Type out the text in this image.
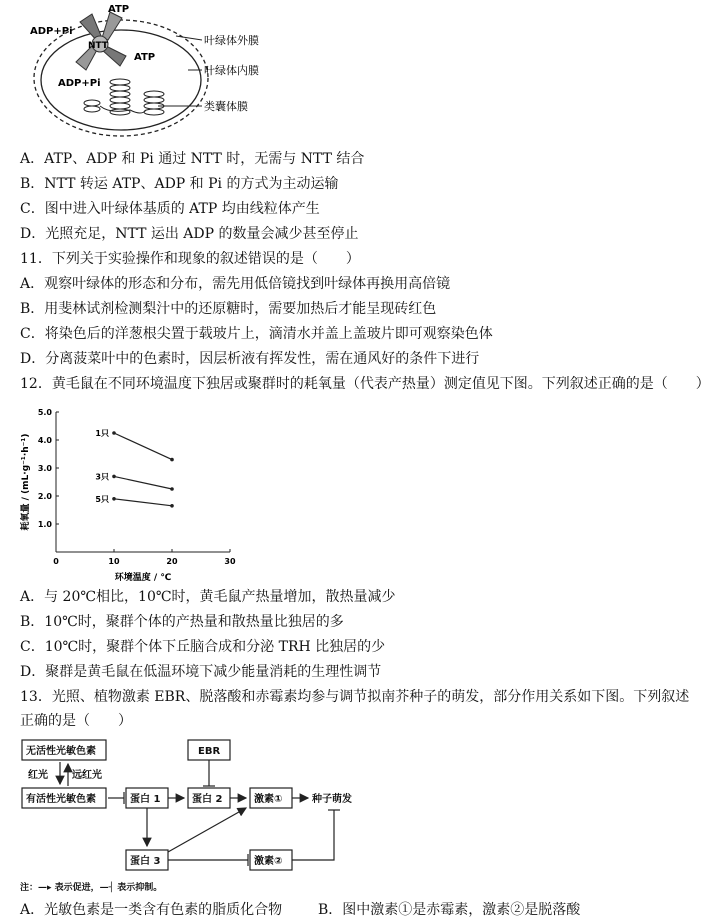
ATP
ADP+Pi
NTT
ATP
ADP+Pi
叶绿体外膜
叶绿体内膜
类囊体膜
A．ATP、ADP 和 Pi 通过 NTT 时，无需与 NTT 结合
B．NTT 转运 ATP、ADP 和 Pi 的方式为主动运输
C．图中进入叶绿体基质的 ATP 均由线粒体产生
D．光照充足，NTT 运出 ADP 的数量会减少甚至停止
11．下列关于实验操作和现象的叙述错误的是（　　）
A．观察叶绿体的形态和分布，需先用低倍镜找到叶绿体再换用高倍镜
B．用斐林试剂检测梨汁中的还原糖时，需要加热后才能呈现砖红色
C．将染色后的洋葱根尖置于载玻片上，滴清水并盖上盖玻片即可观察染色体
D．分离菠菜叶中的色素时，因层析液有挥发性，需在通风好的条件下进行
12．黄毛鼠在不同环境温度下独居或聚群时的耗氧量（代表产热量）测定值见下图。下列叙述正确的是（　　）
0	10	20	30
1.0
2.0
3.0
4.0
5.0
环境温度 / ℃
耗氧量 / (mL·g⁻¹·h⁻¹)
1只
3只
5只
A．与 20℃相比，10℃时，黄毛鼠产热量增加，散热量减少
B．10℃时，聚群个体的产热量和散热量比独居的多
C．10℃时，聚群个体下丘脑合成和分泌 TRH 比独居的少
D．聚群是黄毛鼠在低温环境下减少能量消耗的生理性调节
13．光照、植物激素 EBR、脱落酸和赤霉素均参与调节拟南芥种子的萌发，部分作用关系如下图。下列叙述
正确的是（　　）
无活性光敏色素
有活性光敏色素
红光 远红光
蛋白 1	蛋白 2
EBR
激素①	种子萌发
蛋白 3	激素②
注：—▸ 表示促进，—┤ 表示抑制。
A．光敏色素是一类含有色素的脂质化合物	B．图中激素①是赤霉素，激素②是脱落酸
